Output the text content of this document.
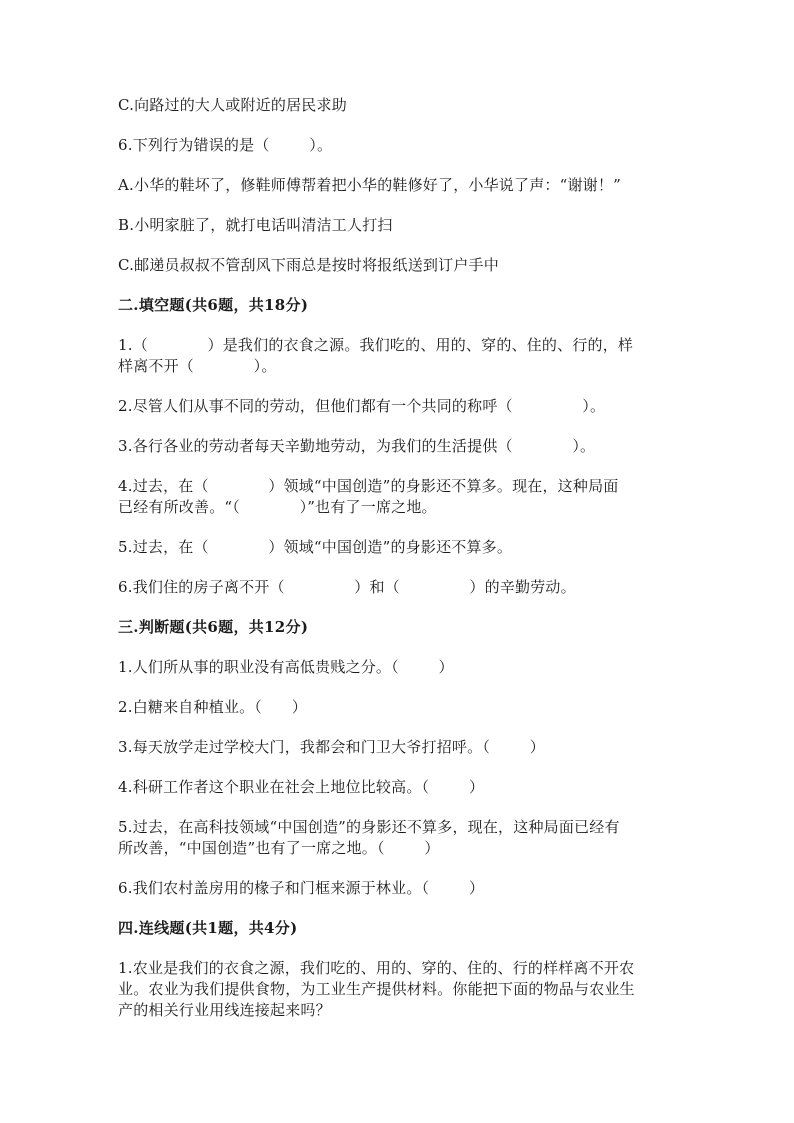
C.向路过的大人或附近的居民求助
6.下列行为错误的是（        ）。
A.小华的鞋坏了，修鞋师傅帮着把小华的鞋修好了，小华说了声：“谢谢！”
B.小明家脏了，就打电话叫清洁工人打扫
C.邮递员叔叔不管刮风下雨总是按时将报纸送到订户手中
二.填空题(共6题，共18分)
1.（            ）是我们的衣食之源。我们吃的、用的、穿的、住的、行的，样
样离不开（            ）。
2.尽管人们从事不同的劳动，但他们都有一个共同的称呼（              ）。
3.各行各业的劳动者每天辛勤地劳动，为我们的生活提供（            ）。
4.过去，在（            ）领域“中国创造”的身影还不算多。现在，这种局面
已经有所改善。“（            ）”也有了一席之地。
5.过去，在（            ）领域“中国创造”的身影还不算多。
6.我们住的房子离不开（              ）和（              ）的辛勤劳动。
三.判断题(共6题，共12分)
1.人们所从事的职业没有高低贵贱之分。（        ）
2.白糖来自种植业。（      ）
3.每天放学走过学校大门，我都会和门卫大爷打招呼。（        ）
4.科研工作者这个职业在社会上地位比较高。（        ）
5.过去，在高科技领域“中国创造”的身影还不算多，现在，这种局面已经有
所改善，“中国创造”也有了一席之地。（        ）
6.我们农村盖房用的椽子和门框来源于林业。（        ）
四.连线题(共1题，共4分)
1.农业是我们的衣食之源，我们吃的、用的、穿的、住的、行的样样离不开农
业。农业为我们提供食物，为工业生产提供材料。你能把下面的物品与农业生
产的相关行业用线连接起来吗？
